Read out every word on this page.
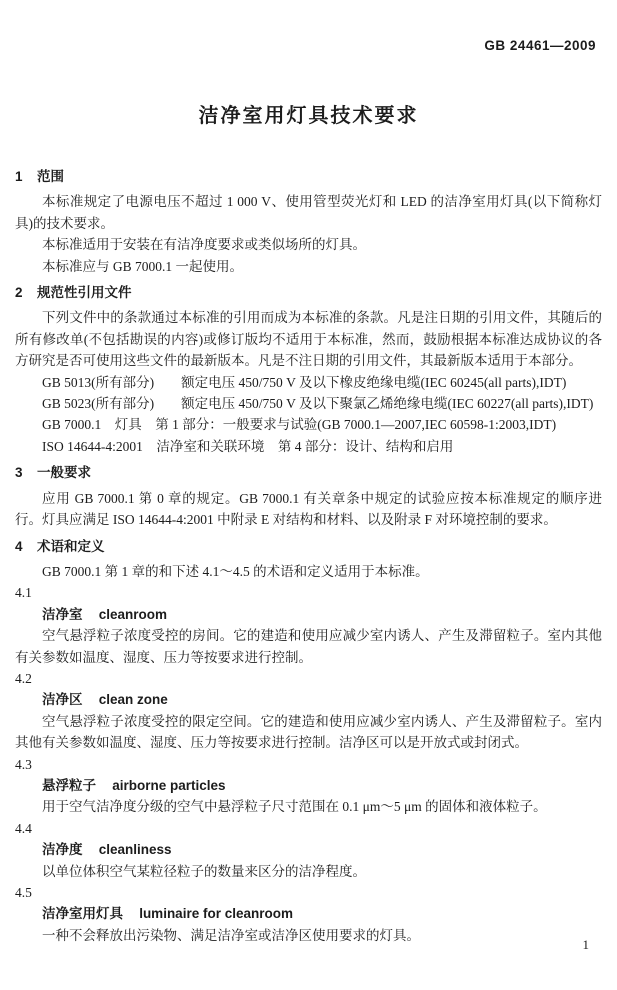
GB 24461—2009
洁净室用灯具技术要求
1 范围

本标准规定了电源电压不超过 1 000 V、使用管型荧光灯和 LED 的洁净室用灯具(以下简称灯具)的技术要求。

本标准适用于安装在有洁净度要求或类似场所的灯具。

本标准应与 GB 7000.1 一起使用。

2 规范性引用文件

下列文件中的条款通过本标准的引用而成为本标准的条款。凡是注日期的引用文件，其随后的所有修改单(不包括勘误的内容)或修订版均不适用于本标准，然而，鼓励根据本标准达成协议的各方研究是否可使用这些文件的最新版本。凡是不注日期的引用文件，其最新版本适用于本部分。

GB 5013(所有部分)　　额定电压 450/750 V 及以下橡皮绝缘电缆(IEC 60245(all parts),IDT)
GB 5023(所有部分)　　额定电压 450/750 V 及以下聚氯乙烯绝缘电缆(IEC 60227(all parts),IDT)
GB 7000.1　灯具　第 1 部分：一般要求与试验(GB 7000.1—2007,IEC 60598-1:2003,IDT)
ISO 14644-4:2001　洁净室和关联环境　第 4 部分：设计、结构和启用
3 一般要求

应用 GB 7000.1 第 0 章的规定。GB 7000.1 有关章条中规定的试验应按本标准规定的顺序进行。灯具应满足 ISO 14644-4:2001 中附录 E 对结构和材料、以及附录 F 对环境控制的要求。

4 术语和定义

GB 7000.1 第 1 章的和下述 4.1～4.5 的术语和定义适用于本标准。

4.1
洁净室 cleanroom

空气悬浮粒子浓度受控的房间。它的建造和使用应减少室内诱人、产生及滞留粒子。室内其他有关参数如温度、湿度、压力等按要求进行控制。

4.2
洁净区 clean zone

空气悬浮粒子浓度受控的限定空间。它的建造和使用应减少室内诱人、产生及滞留粒子。室内其他有关参数如温度、湿度、压力等按要求进行控制。洁净区可以是开放式或封闭式。

4.3
悬浮粒子 airborne particles

用于空气洁净度分级的空气中悬浮粒子尺寸范围在 0.1 μm～5 μm 的固体和液体粒子。

4.4
洁净度 cleanliness

以单位体积空气某粒径粒子的数量来区分的洁净程度。

4.5
洁净室用灯具 luminaire for cleanroom

一种不会释放出污染物、满足洁净室或洁净区使用要求的灯具。

1
